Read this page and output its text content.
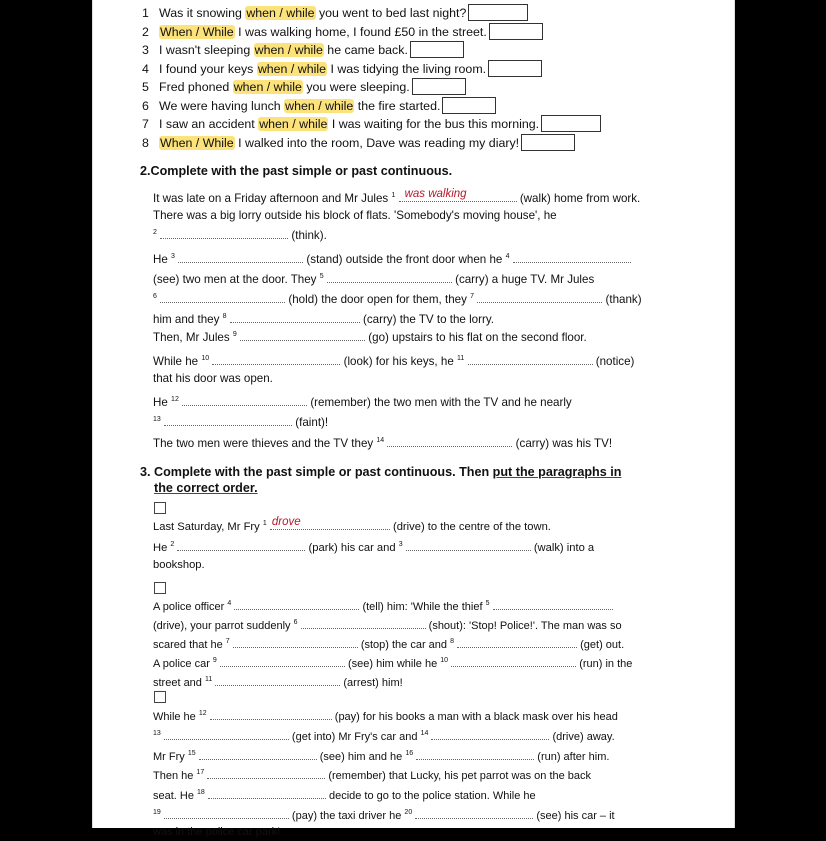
1 Was it snowing when / while you went to bed last night?
2 When / While I was walking home, I found £50 in the street.
3 I wasn't sleeping when / while he came back.
4 I found your keys when / while I was tidying the living room.
5 Fred phoned when / while you were sleeping.
6 We were having lunch when / while the fire started.
7 I saw an accident when / while I was waiting for the bus this morning.
8 When / While I walked into the room, Dave was reading my diary!
2.Complete with the past simple or past continuous.
It was late on a Friday afternoon and Mr Jules $^1$ was walking	(walk) home from work. There was a big lorry outside his block of flats. 'Somebody's moving house', he
$^2$	(think).
He $^3$	(stand) outside the front door when he $^4$
(see) two men at the door. They $^5$	(carry) a huge TV. Mr Jules
$^6$	(hold) the door open for them, they $^7$	(thank)
him and they $^8$	(carry) the TV to the lorry.
Then, Mr Jules $^9$	(go) upstairs to his flat on the second floor.
While he $^{10}$	(look) for his keys, he $^{11}$	(notice)
that his door was open.
He $^{12}$	(remember) the two men with the TV and he nearly
$^{13}$	(faint)!
The two men were thieves and the TV they $^{14}$	(carry) was his TV!
3. Complete with the past simple or past continuous. Then put the paragraphs in
the correct order.
Last Saturday, Mr Fry $^1$ drove	(drive) to the centre of the town.
He $^2$	(park) his car and $^3$	(walk) into a
bookshop.
A police officer $^4$	(tell) him: 'While the thief $^5$
(drive), your parrot suddenly $^6$	(shout): 'Stop! Police!'. The man was so
scared that he $^7$	(stop) the car and $^8$	(get) out.
A police car $^9$	(see) him while he $^{10}$	(run) in the
street and $^{11}$	(arrest) him!
While he $^{12}$	(pay) for his books a man with a black mask over his head
$^{13}$	(get into) Mr Fry's car and $^{14}$	(drive) away.
Mr Fry $^{15}$	(see) him and he $^{16}$	(run) after him.
Then he $^{17}$	(remember) that Lucky, his pet parrot was on the back
seat. He $^{18}$	decide to go to the police station. While he
$^{19}$	(pay) the taxi driver he $^{20}$	(see) his car – it
was in the police car park!
